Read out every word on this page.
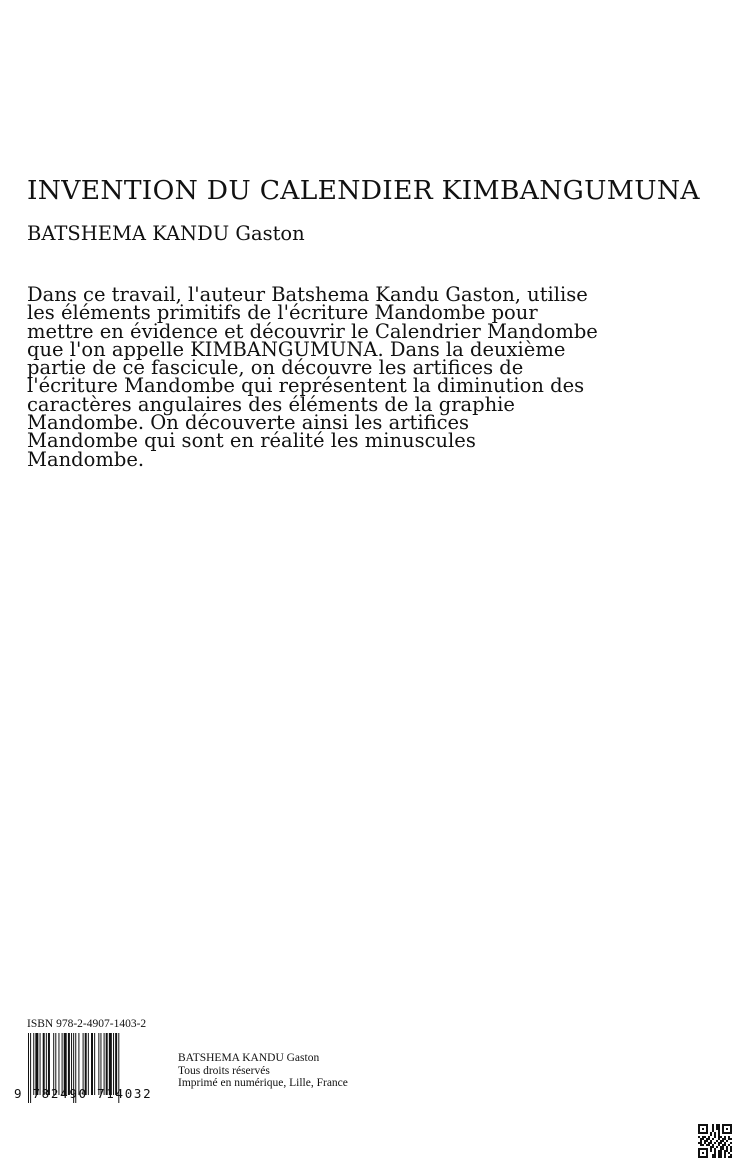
INVENTION DU CALENDIER KIMBANGUMUNA
BATSHEMA KANDU Gaston

Dans ce travail, l'auteur Batshema Kandu Gaston, utilise
les éléments primitifs de l'écriture Mandombe pour
mettre en évidence et découvrir le Calendrier Mandombe
que l'on appelle KIMBANGUMUNA. Dans la deuxième
partie de ce fascicule, on découvre les artifices de
l'écriture Mandombe qui représentent la diminution des
caractères angulaires des éléments de la graphie
Mandombe. On découverte ainsi les artifices
Mandombe qui sont en réalité les minuscules
Mandombe.

ISBN 978-2-4907-1403-2
9 782490 714032
BATSHEMA KANDU Gaston
Tous droits réservés
Imprimé en numérique, Lille, France
